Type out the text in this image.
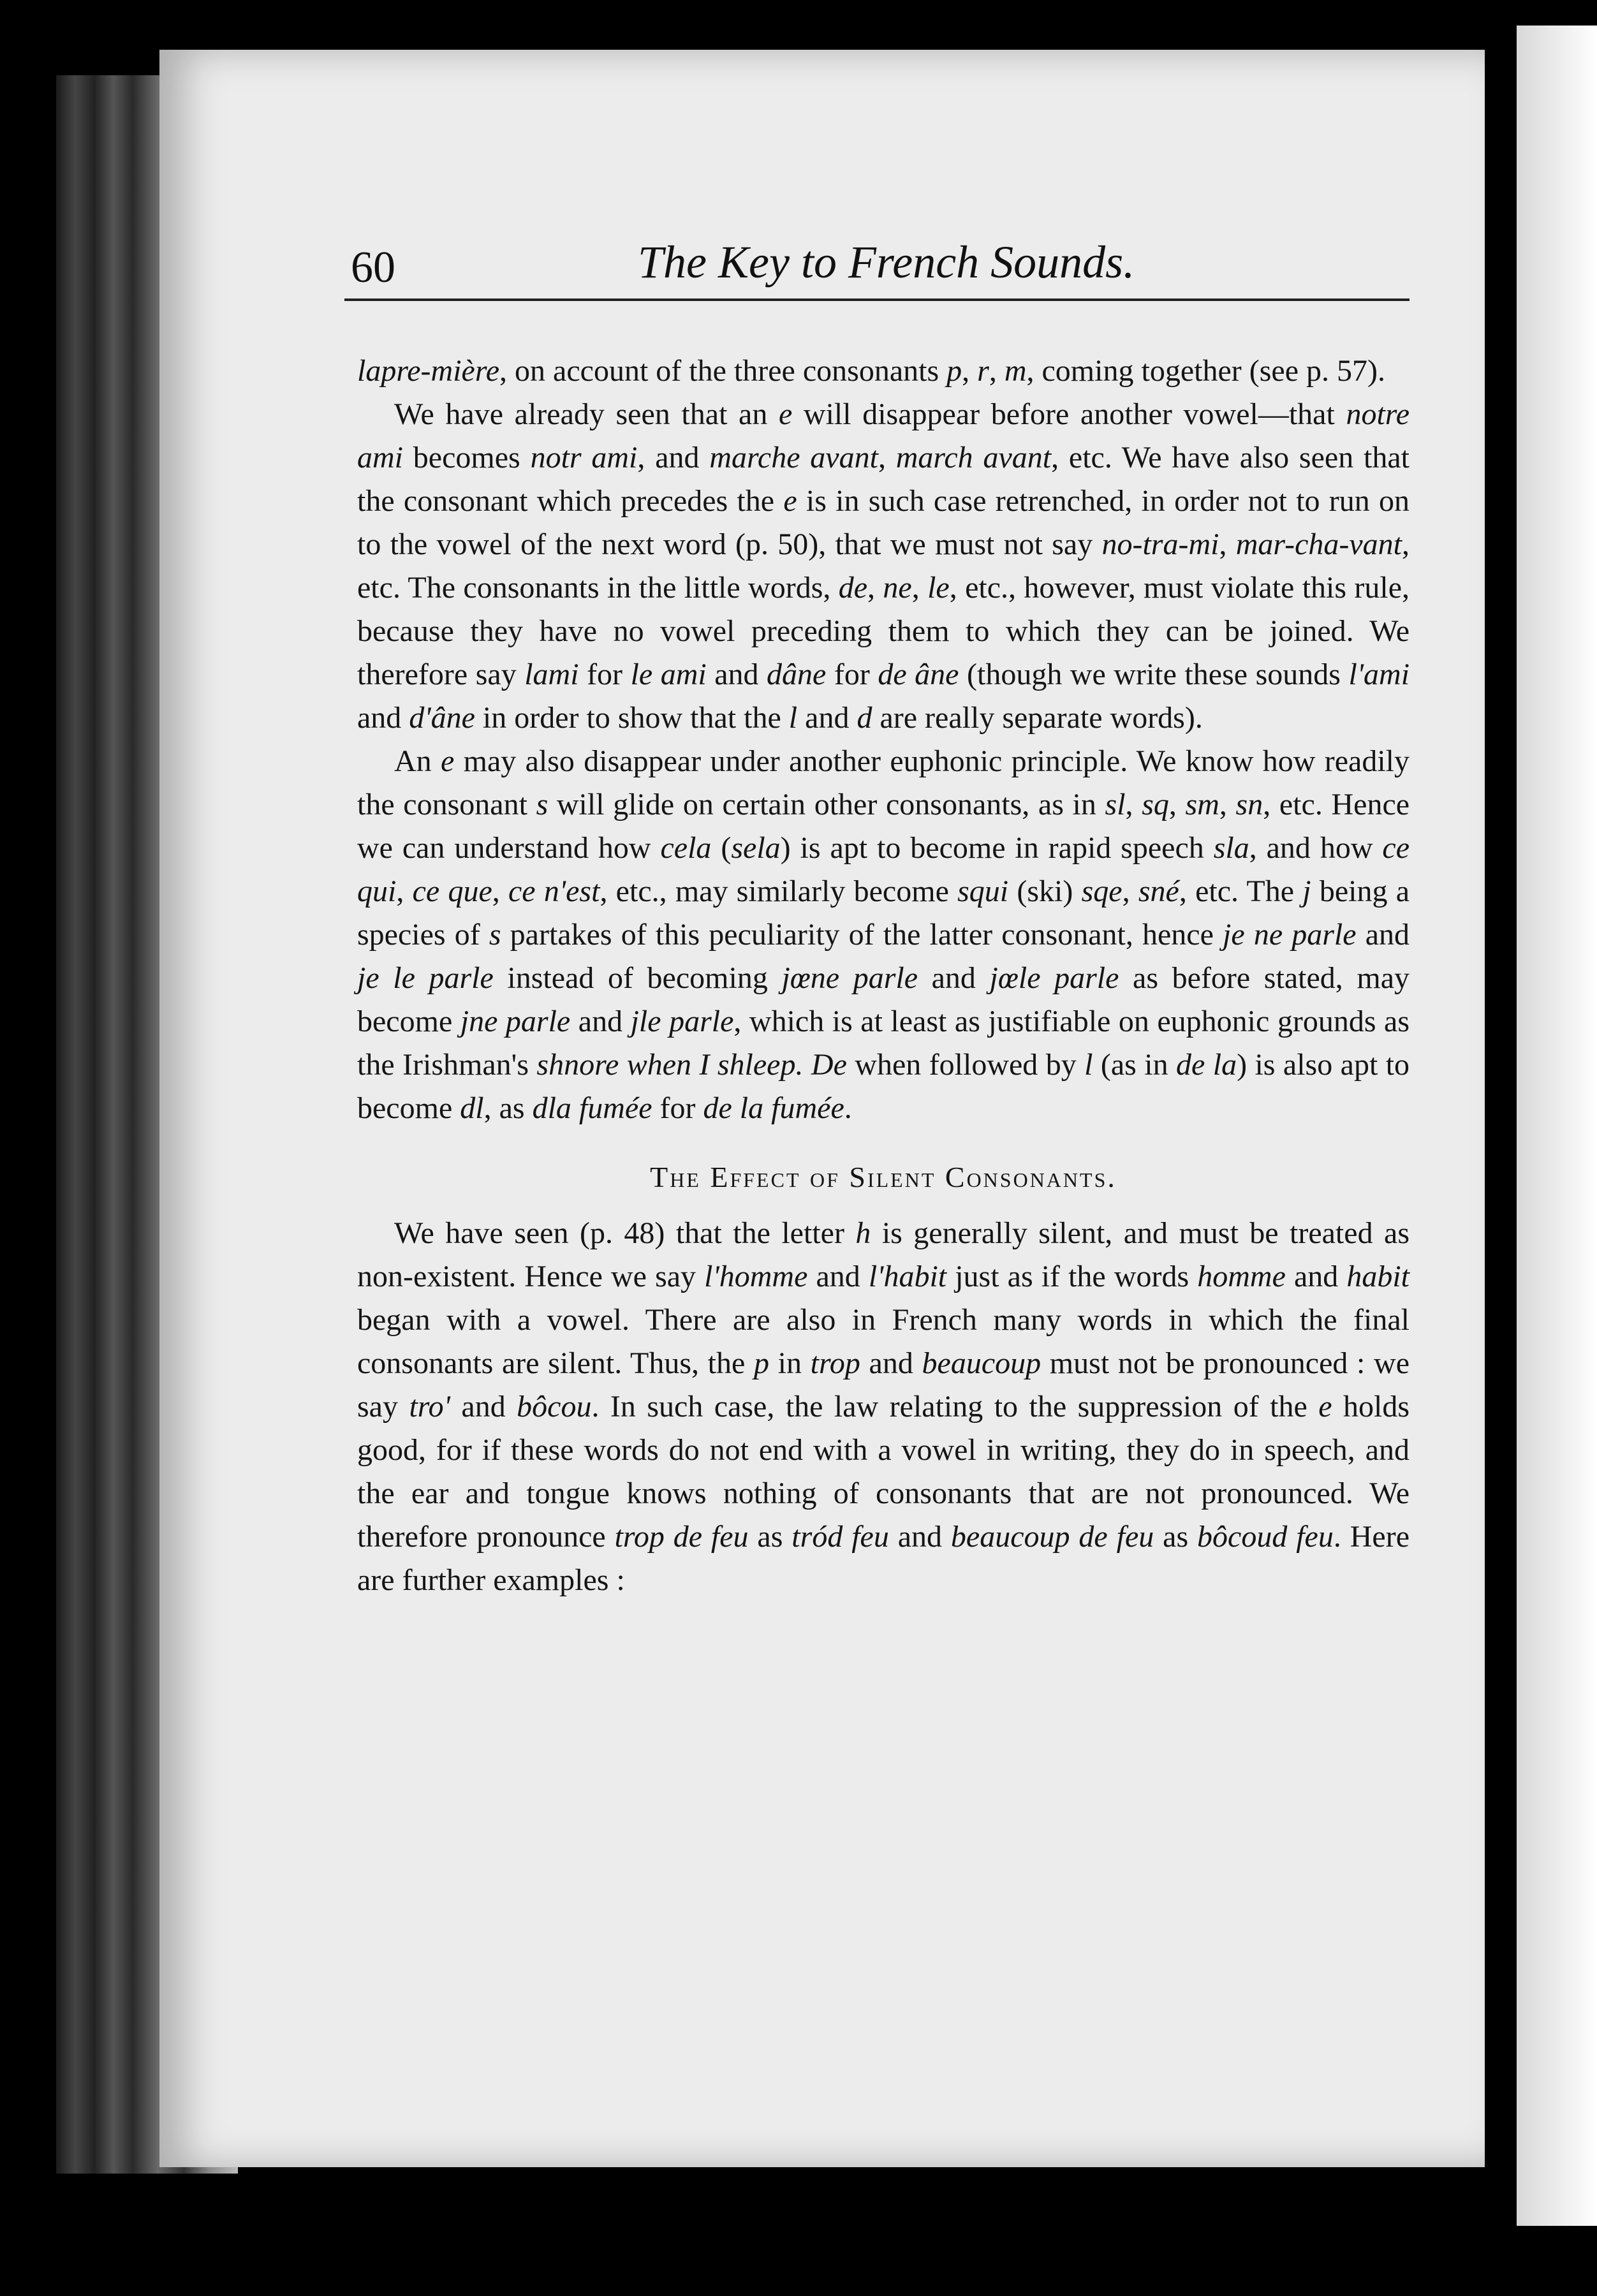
60	The Key to French Sounds.

lapre-mière, on account of the three consonants p, r, m, coming together (see p. 57).

We have already seen that an e will disappear before another vowel—that notre ami becomes notr ami, and marche avant, march avant, etc. We have also seen that the consonant which precedes the e is in such case retrenched, in order not to run on to the vowel of the next word (p. 50), that we must not say no-tra-mi, mar-cha-vant, etc. The consonants in the little words, de, ne, le, etc., however, must violate this rule, because they have no vowel preceding them to which they can be joined. We therefore say lami for le ami and dâne for de âne (though we write these sounds l'ami and d'âne in order to show that the l and d are really separate words).

An e may also disappear under another euphonic principle. We know how readily the consonant s will glide on certain other consonants, as in sl, sq, sm, sn, etc. Hence we can understand how cela (sela) is apt to become in rapid speech sla, and how ce qui, ce que, ce n'est, etc., may similarly become squi (ski) sqe, sné, etc. The j being a species of s partakes of this peculiarity of the latter consonant, hence je ne parle and je le parle instead of becoming jœne parle and jœle parle as before stated, may become jne parle and jle parle, which is at least as justifiable on euphonic grounds as the Irishman's shnore when I shleep. De when followed by l (as in de la) is also apt to become dl, as dla fumée for de la fumée.

The Effect of Silent Consonants.

We have seen (p. 48) that the letter h is generally silent, and must be treated as non-existent. Hence we say l'homme and l'habit just as if the words homme and habit began with a vowel. There are also in French many words in which the final consonants are silent. Thus, the p in trop and beaucoup must not be pronounced : we say tro' and bôcou. In such case, the law relating to the suppression of the e holds good, for if these words do not end with a vowel in writing, they do in speech, and the ear and tongue knows nothing of consonants that are not pronounced. We therefore pronounce trop de feu as tród feu and beaucoup de feu as bôcoud feu. Here are further examples :
